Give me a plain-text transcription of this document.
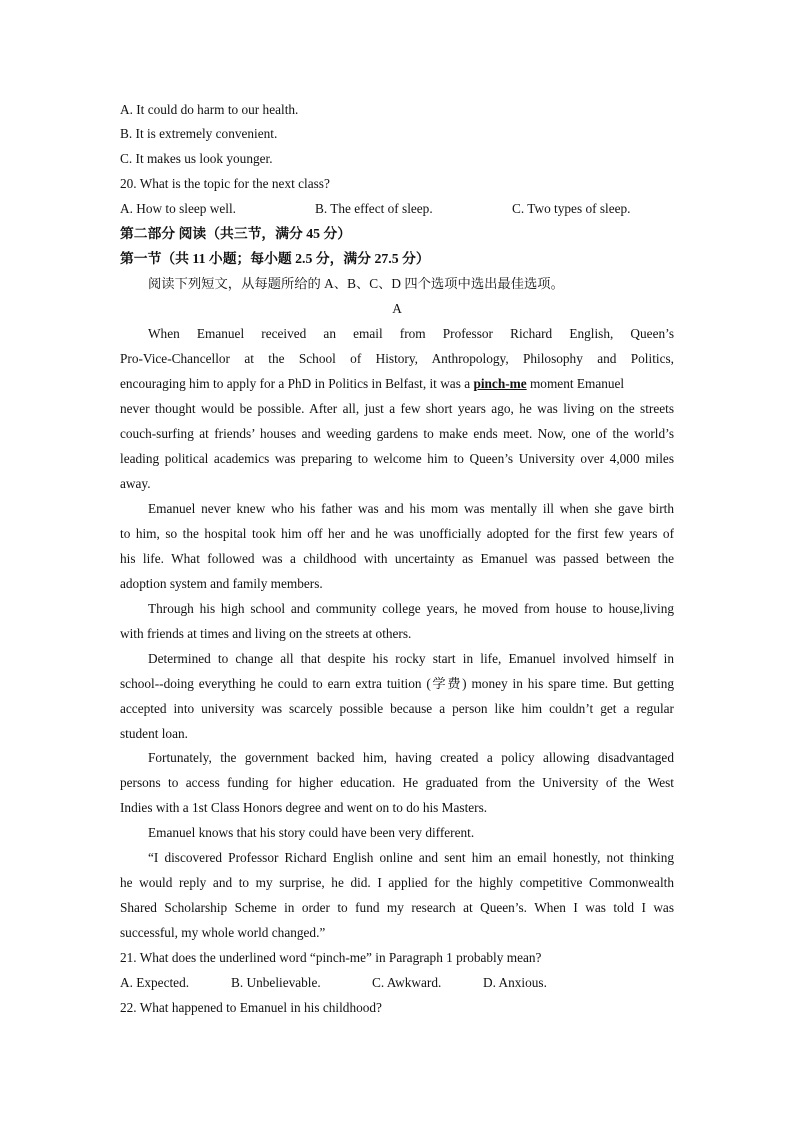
A. It could do harm to our health.
B. It is extremely convenient.
C. It makes us look younger.
20. What is the topic for the next class?
A. How to sleep well.	B. The effect of sleep.	C. Two types of sleep.
第二部分 阅读（共三节，满分 45 分）
第一节（共 11 小题；每小题 2.5 分，满分 27.5 分）
阅读下列短文，从每题所给的 A、B、C、D 四个选项中选出最佳选项。
A
When Emanuel received an email from Professor Richard English, Queen’s
Pro-Vice-Chancellor at the School of History, Anthropology, Philosophy and Politics,
encouraging him to apply for a PhD in Politics in Belfast, it was a pinch-me moment Emanuel
never thought would be possible. After all, just a few short years ago, he was living on the streets
couch-surfing at friends’ houses and weeding gardens to make ends meet. Now, one of the world’s
leading political academics was preparing to welcome him to Queen’s University over 4,000 miles
away.
Emanuel never knew who his father was and his mom was mentally ill when she gave birth
to him, so the hospital took him off her and he was unofficially adopted for the first few years of
his life. What followed was a childhood with uncertainty as Emanuel was passed between the
adoption system and family members.
Through his high school and community college years, he moved from house to house,living
with friends at times and living on the streets at others.
Determined to change all that despite his rocky start in life, Emanuel involved himself in
school--doing everything he could to earn extra tuition (学费) money in his spare time. But getting
accepted into university was scarcely possible because a person like him couldn’t get a regular
student loan.
Fortunately, the government backed him, having created a policy allowing disadvantaged
persons to access funding for higher education. He graduated from the University of the West
Indies with a 1st Class Honors degree and went on to do his Masters.
Emanuel knows that his story could have been very different.
“I discovered Professor Richard English online and sent him an email honestly, not thinking
he would reply and to my surprise, he did. I applied for the highly competitive Commonwealth
Shared Scholarship Scheme in order to fund my research at Queen’s. When I was told I was
successful, my whole world changed.”
21. What does the underlined word “pinch-me” in Paragraph 1 probably mean?
A. Expected.	B. Unbelievable.	C. Awkward.	D. Anxious.
22. What happened to Emanuel in his childhood?
